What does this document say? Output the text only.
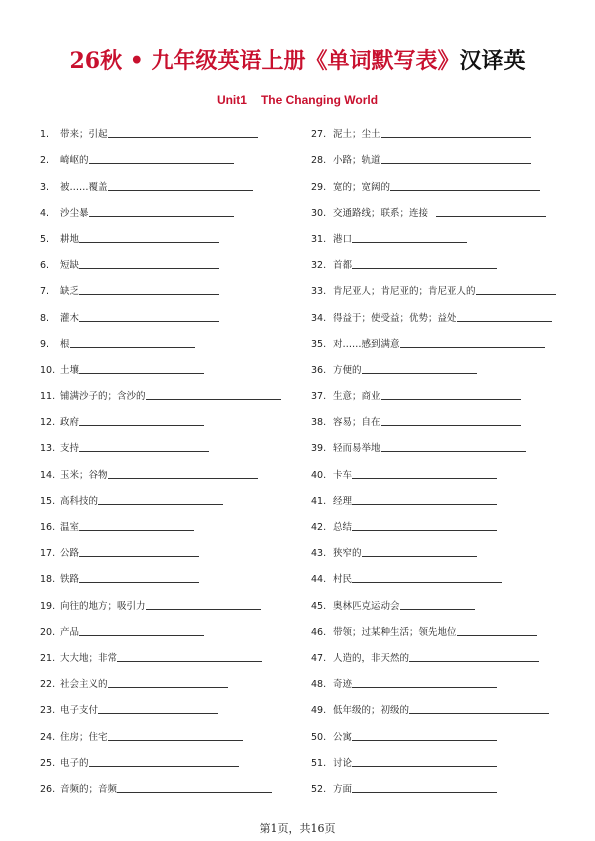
26秋 • 九年级英语上册《单词默写表》汉译英
Unit1 The Changing World
1.	带来；引起
2.	崎岖的
3.	被……覆盖
4.	沙尘暴
5.	耕地
6.	短缺
7.	缺乏
8.	灌木
9.	根
10. 土壤
11. 铺满沙子的；含沙的
12. 政府
13. 支持
14. 玉米；谷物
15. 高科技的
16. 温室
17. 公路
18. 铁路
19. 向往的地方；吸引力
20. 产品
21. 大大地；非常
22. 社会主义的
23. 电子支付
24. 住房；住宅
25. 电子的
26. 音频的；音频
27. 泥土；尘土
28. 小路；轨道
29. 宽的；宽阔的
30. 交通路线；联系；连接
31. 港口
32. 首都
33. 肯尼亚人；肯尼亚的；肯尼亚人的
34. 得益于；使受益；优势；益处
35. 对……感到满意
36. 方便的
37. 生意；商业
38. 容易；自在
39. 轻而易举地
40. 卡车
41. 经理
42. 总结
43. 狭窄的
44. 村民
45. 奥林匹克运动会
46. 带领；过某种生活；领先地位
47. 人造的，非天然的
48. 奇迹
49. 低年级的；初级的
50. 公寓
51. 讨论
52. 方面
第1页，共16页
